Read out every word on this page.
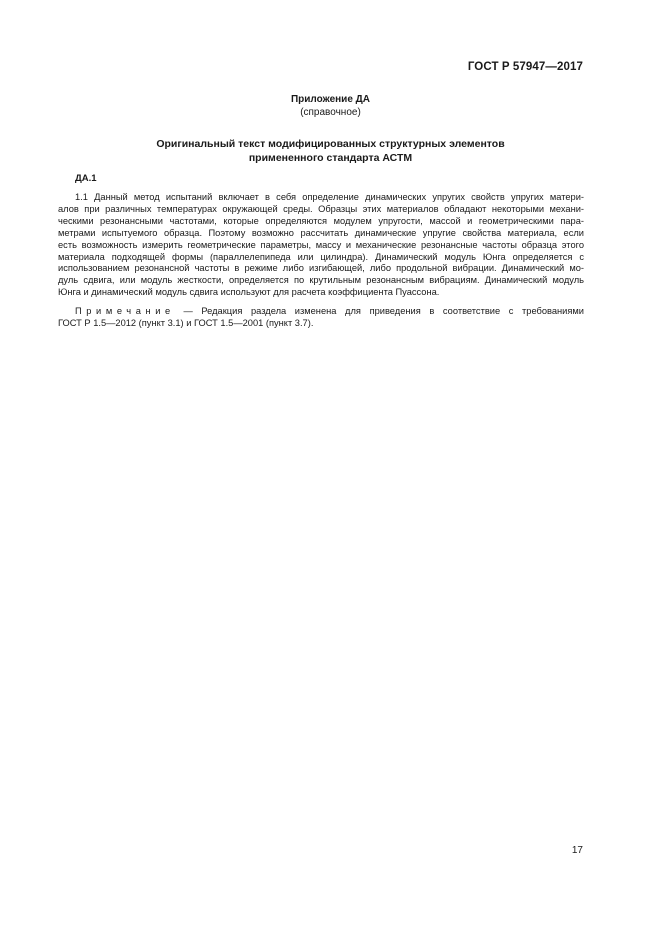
ГОСТ Р 57947—2017
Приложение ДА
(справочное)
Оригинальный текст модифицированных структурных элементов
примененного стандарта АСТМ
ДА.1
1.1 Данный метод испытаний включает в себя определение динамических упругих свойств упругих матери-
алов при различных температурах окружающей среды. Образцы этих материалов обладают некоторыми механи-
ческими резонансными частотами, которые определяются модулем упругости, массой и геометрическими пара-
метрами испытуемого образца. Поэтому возможно рассчитать динамические упругие свойства материала, если
есть возможность измерить геометрические параметры, массу и механические резонансные частоты образца этого
материала подходящей формы (параллелепипеда или цилиндра). Динамический модуль Юнга определяется с
использованием резонансной частоты в режиме либо изгибающей, либо продольной вибрации. Динамический мо-
дуль сдвига, или модуль жесткости, определяется по крутильным резонансным вибрациям. Динамический модуль
Юнга и динамический модуль сдвига используют для расчета коэффициента Пуассона.
Примечание — Редакция раздела изменена для приведения в соответствие с требованиями
ГОСТ Р 1.5—2012 (пункт 3.1) и ГОСТ 1.5—2001 (пункт 3.7).
17
